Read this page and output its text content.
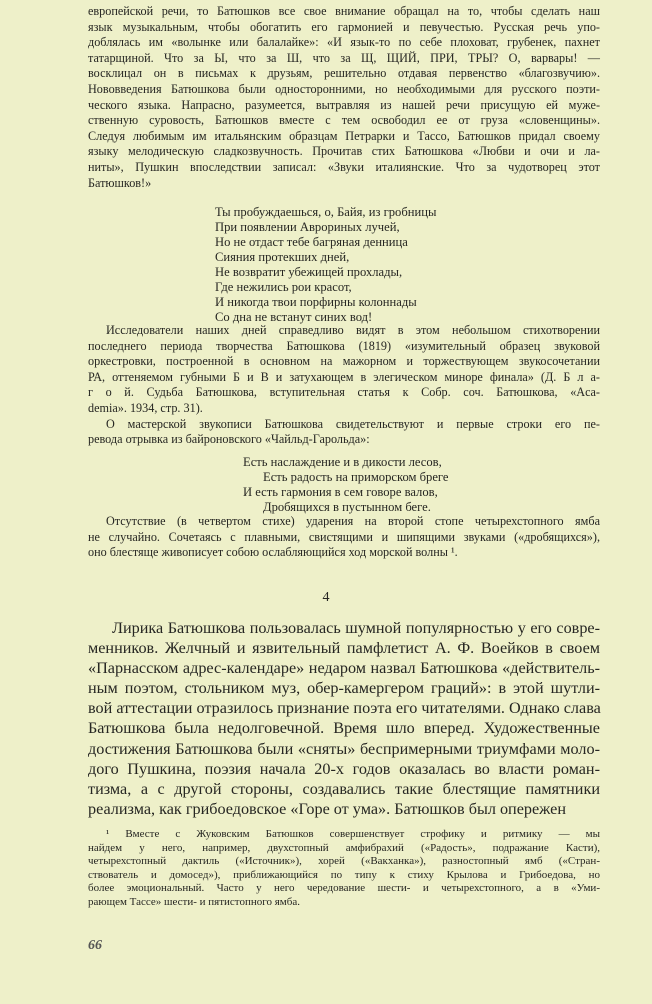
европейской речи, то Батюшков все свое внимание обращал на то, чтобы сделать наш
язык музыкальным, чтобы обогатить его гармонией и певучестью. Русская речь упо-
доблялась им «волынке или балалайке»: «И язык-то по себе плоховат, грубенек, пахнет
татарщиной. Что за Ы, что за Ш, что за Щ, ЩИЙ, ПРИ, ТРЫ? О, варвары! —
восклицал он в письмах к друзьям, решительно отдавая первенство «благозвучию».
Нововведения Батюшкова были односторонними, но необходимыми для русского поэти-
ческого языка. Напрасно, разумеется, вытравляя из нашей речи присущую ей муже-
ственную суровость, Батюшков вместе с тем освободил ее от груза «словенщины».
Следуя любимым им итальянским образцам Петрарки и Тассо, Батюшков придал своему
языку мелодическую сладкозвучность. Прочитав стих Батюшкова «Любви и очи и ла-
ниты», Пушкин впоследствии записал: «Звуки италиянские. Что за чудотворец этот
Батюшков!»
Ты пробуждаешься, о, Байя, из гробницы
При появлении Аврориных лучей,
Но не отдаст тебе багряная денница
Сияния протекших дней,
Не возвратит убежищей прохлады,
Где нежились рои красот,
И никогда твои порфирны колоннады
Со дна не встанут синих вод!
Исследователи наших дней справедливо видят в этом небольшом стихотворении
последнего периода творчества Батюшкова (1819) «изумительный образец звуковой
оркестровки, построенной в основном на мажорном и торжествующем звукосочетании
РА, оттеняемом губными Б и В и затухающем в элегическом миноре финала» (Д. Б л а-
г о й. Судьба Батюшкова, вступительная статья к Собр. соч. Батюшкова, «Aca-
demia». 1934, стр. 31).
О мастерской звукописи Батюшкова свидетельствуют и первые строки его пе-
ревода отрывка из байроновского «Чайльд-Гарольда»:
Есть наслаждение и в дикости лесов,
Есть радость на приморском бреге
И есть гармония в сем говоре валов,
Дробящихся в пустынном беге.
Отсутствие (в четвертом стихе) ударения на второй стопе четырехстопного ямба
не случайно. Сочетаясь с плавными, свистящими и шипящими звуками («дробящихся»),
оно блестяще живописует собою ослабляющийся ход морской волны ¹.
4
Лирика Батюшкова пользовалась шумной популярностью у его совре-
менников. Желчный и язвительный памфлетист А. Ф. Воейков в своем
«Парнасском адрес-календаре» недаром назвал Батюшкова «действитель-
ным поэтом, стольником муз, обер-камергером граций»: в этой шутли-
вой аттестации отразилось признание поэта его читателями. Однако слава
Батюшкова была недолговечной. Время шло вперед. Художественные
достижения Батюшкова были «сняты» беспримерными триумфами моло-
дого Пушкина, поэзия начала 20-х годов оказалась во власти роман-
тизма, а с другой стороны, создавались такие блестящие памятники
реализма, как грибоедовское «Горе от ума». Батюшков был опережен
¹ Вместе с Жуковским Батюшков совершенствует строфику и ритмику — мы
найдем у него, например, двухстопный амфибрахий («Радость», подражание Касти),
четырехстопный дактиль («Источник»), хорей («Вакханка»), разностопный ямб («Стран-
ствователь и домосед»), приближающийся по типу к стиху Крылова и Грибоедова, но
более эмоциональный. Часто у него чередование шести- и четырехстопного, а в «Уми-
рающем Тассе» шести- и пятистопного ямба.
66
